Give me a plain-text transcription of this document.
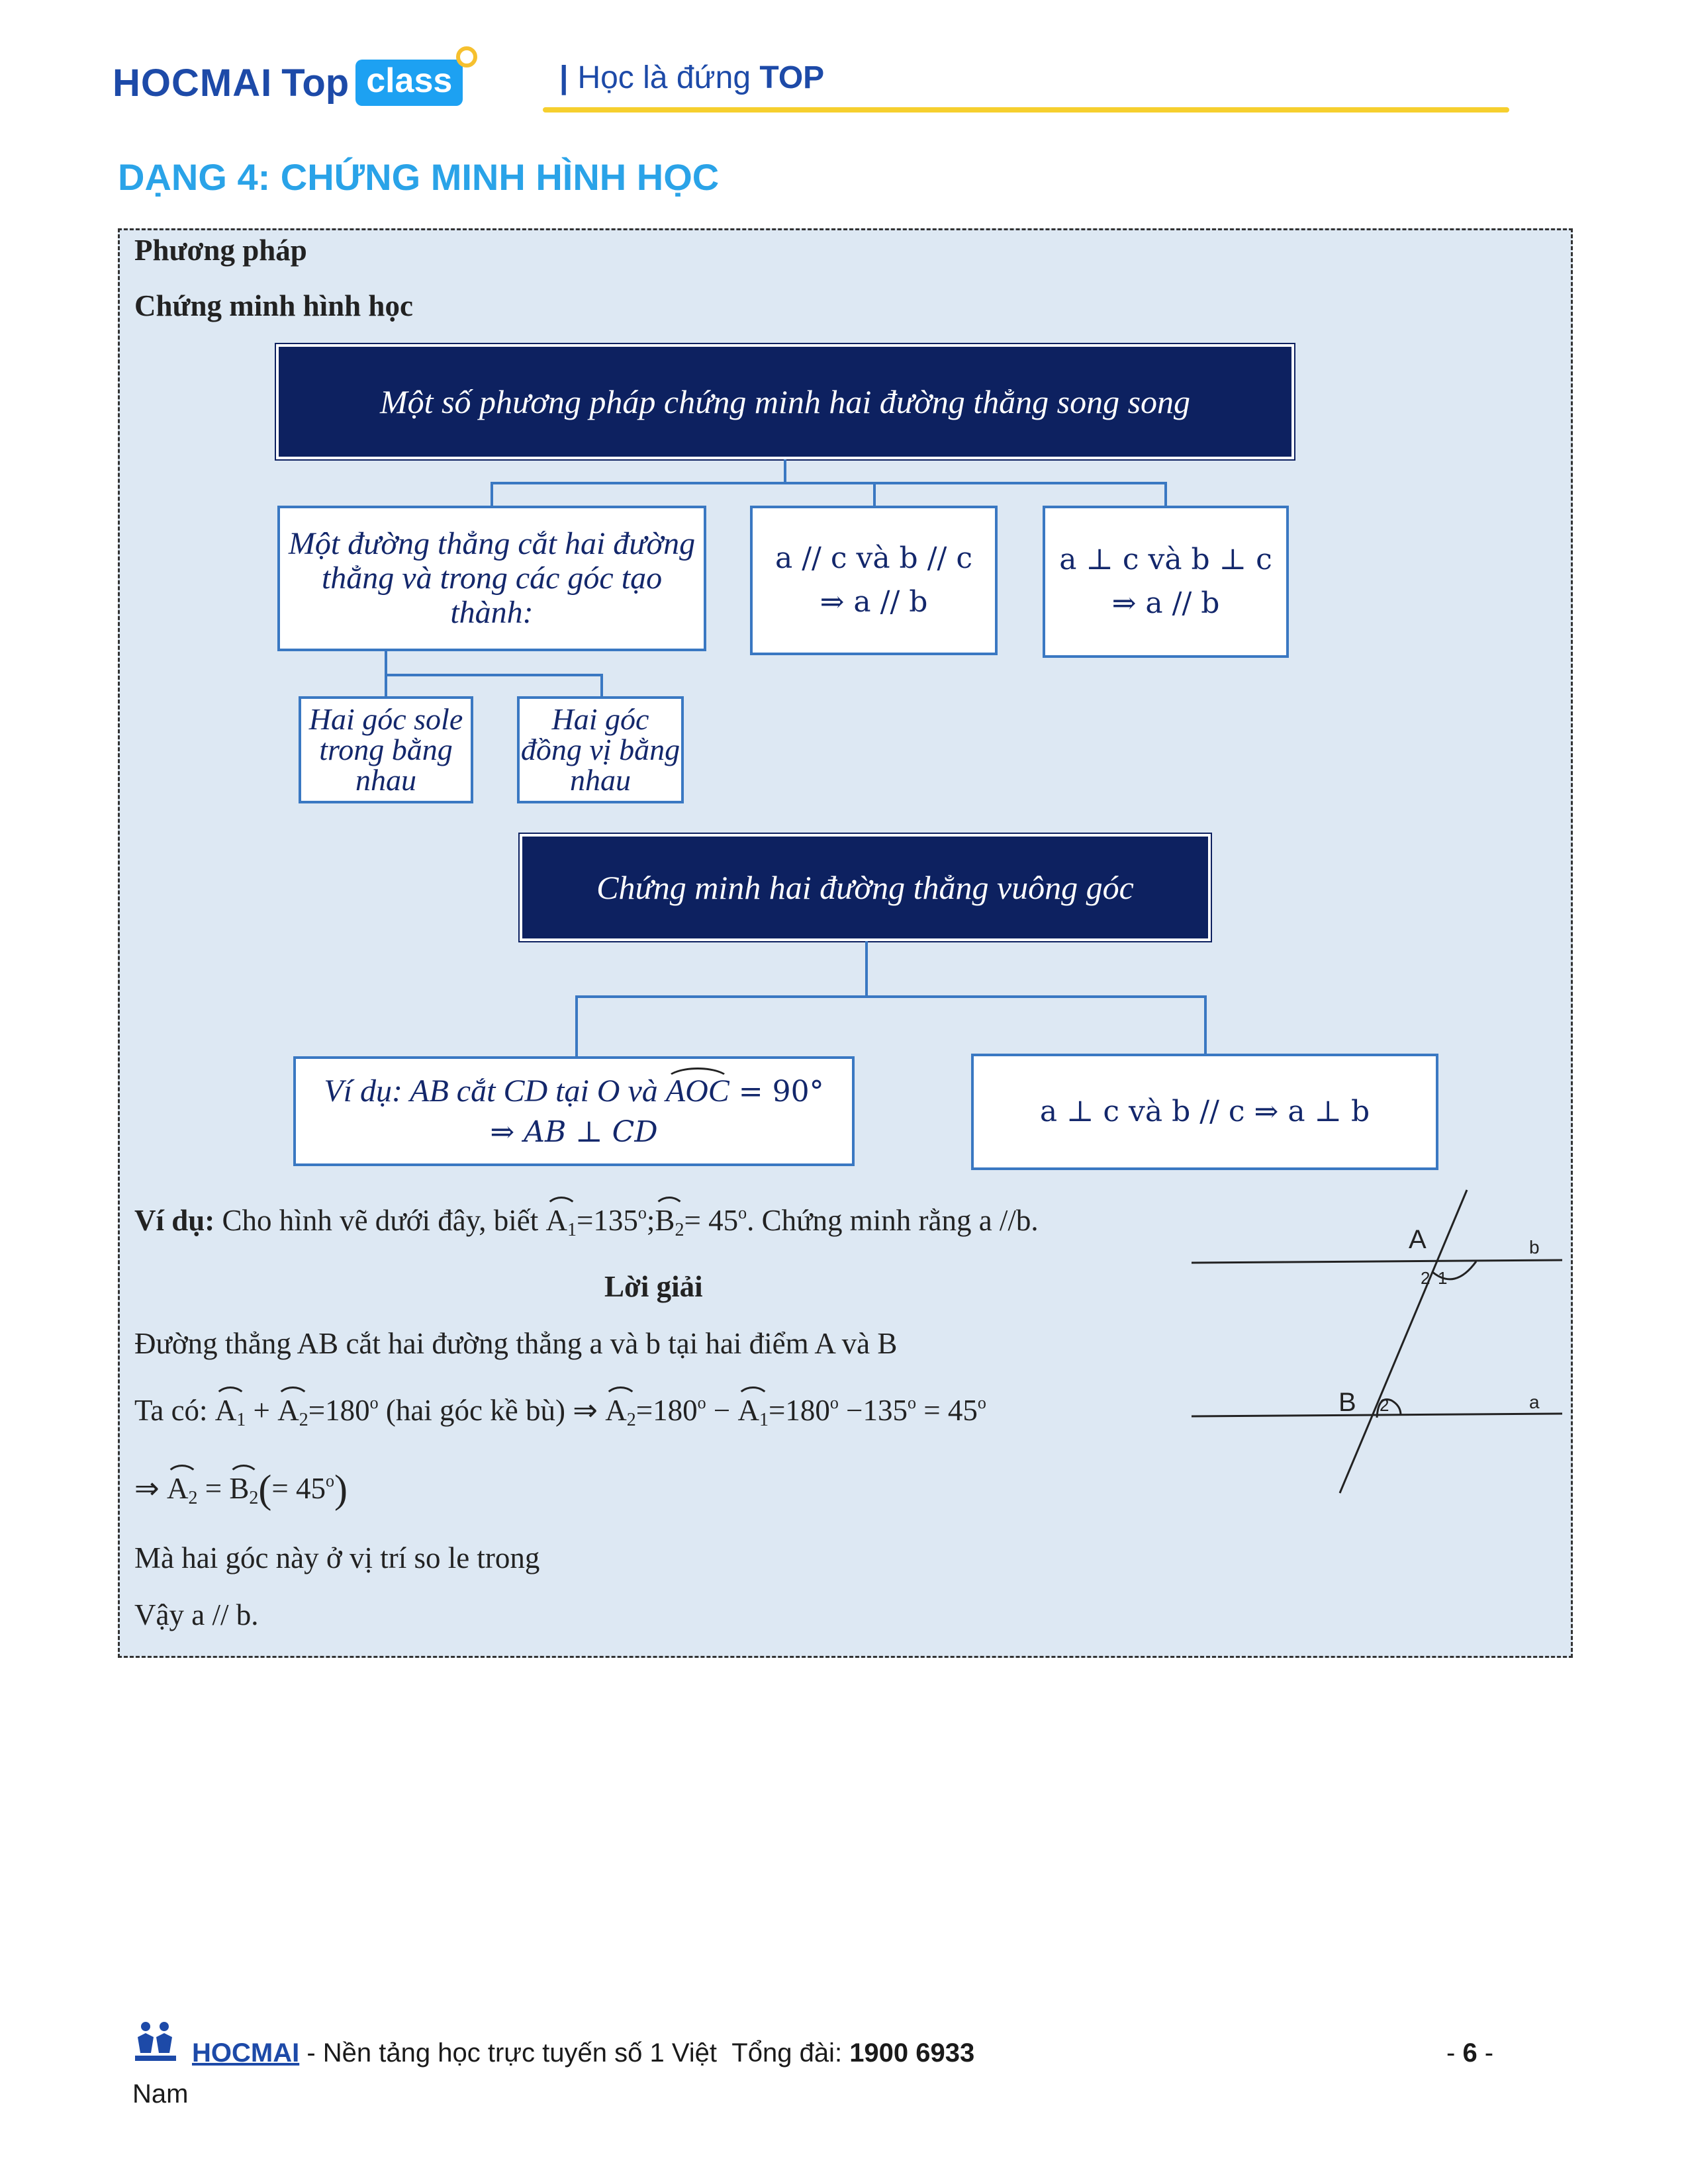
HOCMAI Top class	| Học là đứng TOP
DẠNG 4: CHỨNG MINH HÌNH HỌC
Phương pháp
Chứng minh hình học
Một số phương pháp chứng minh hai đường thẳng song song
Một đường thẳng cắt hai đường thẳng và trong các góc tạo thành:
a // c và b // c
⇒ a // b
a ⊥ c và b ⊥ c
⇒ a // b
Hai góc sole trong bằng nhau
Hai góc đồng vị bằng nhau
Chứng minh hai đường thẳng vuông góc
Ví dụ: AB cắt CD tại O và AOC = 90°
⇒ AB ⊥ CD
a ⊥ c và b // c ⇒ a ⊥ b
Ví dụ: Cho hình vẽ dưới đây, biết $A_1=135^o;B_2= 45^o$. Chứng minh rằng a //b.
Lời giải
Đường thẳng AB cắt hai đường thẳng a và b tại hai điểm A và B
Ta có: $A_1 + A_2=180^o$ (hai góc kề bù) ⇒ $A_2=180^o - A_1=180^o -135^o = 45^o$
⇒ $A_2 = B_2(= 45^o)$
Mà hai góc này ở vị trí so le trong
Vậy a // b.
A	b
2 1
B 2	a
HOCMAI - Nền tảng học trực tuyến số 1 Việt Tổng đài: 1900 6933	- 6 -
Nam
